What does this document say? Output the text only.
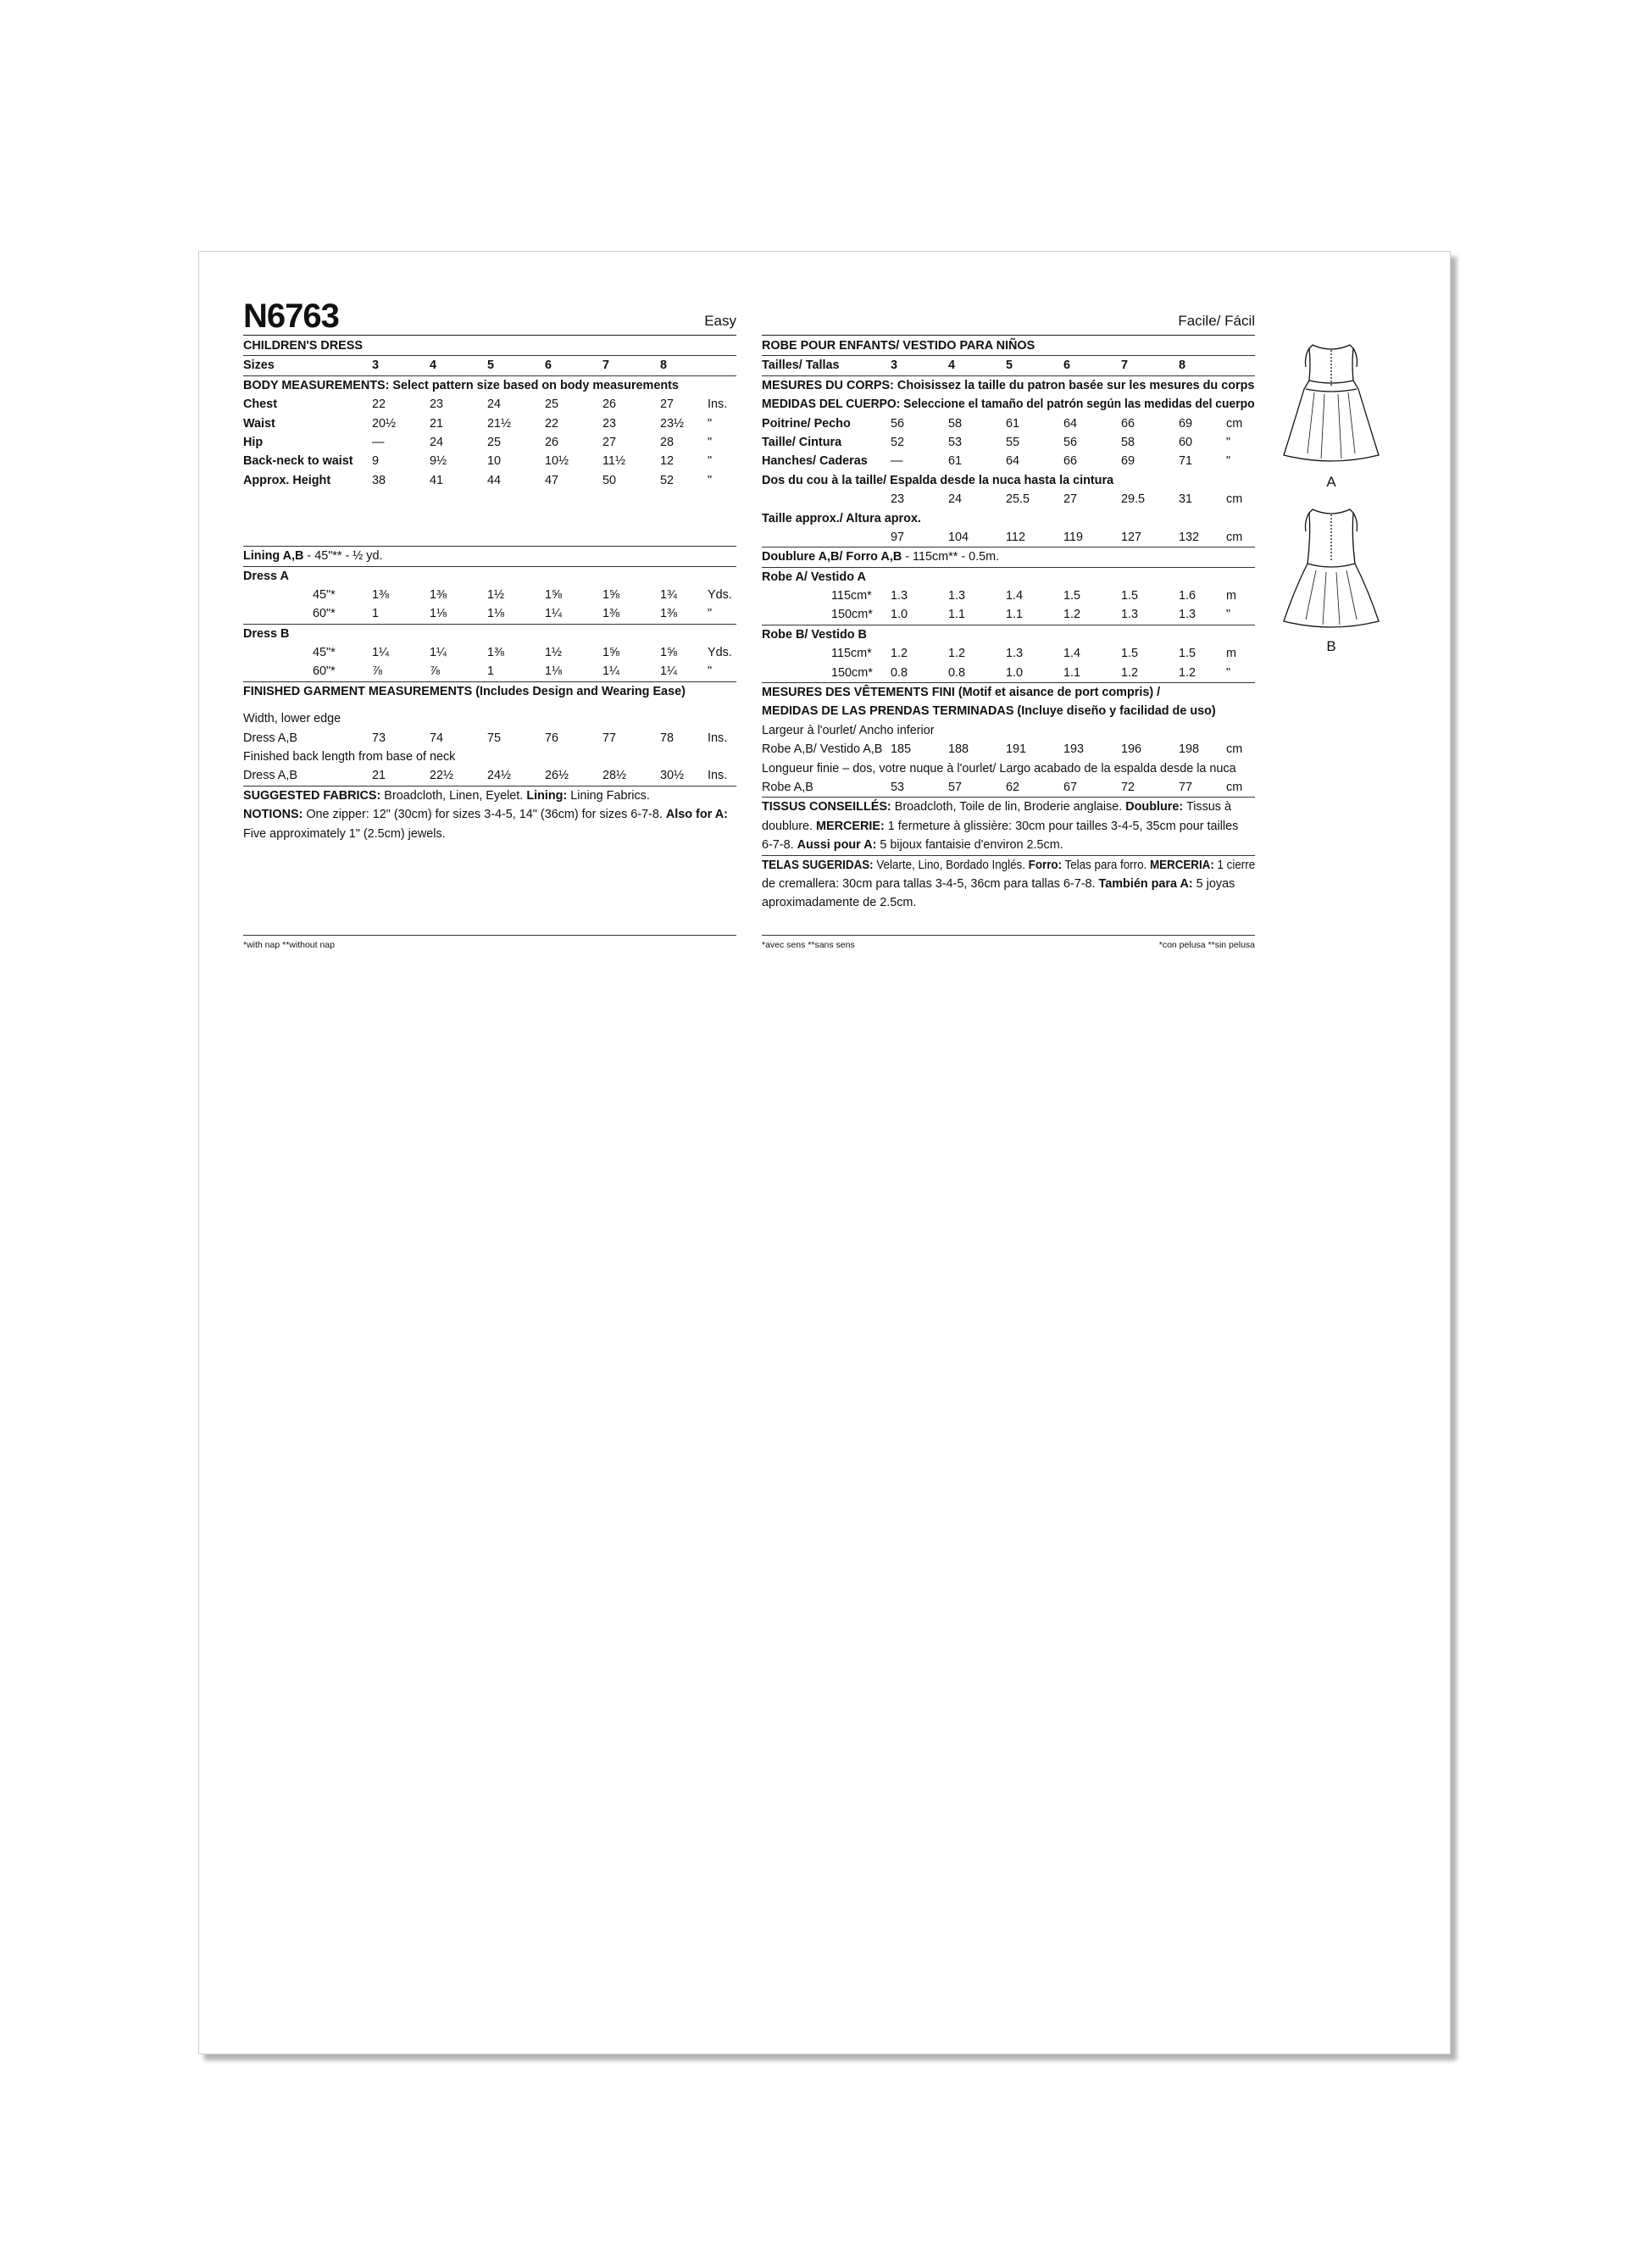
N6763	Easy
CHILDREN'S DRESS
Sizes	3	4	5	6	7	8
BODY MEASUREMENTS: Select pattern size based on body measurements
Chest	22	23	24	25	26	27	Ins.
Waist	20½	21	21½	22	23	23½ "
Hip	—	24	25	26	27	28	"
Back-neck to waist 9	9½	10	10½	11½	12	"
Approx. Height	38	41	44	47	50	52	"
Lining A,B - 45"** - ½ yd.
Dress A
45"*	1⅜	1⅜	1½	1⅝	1⅝	1¾ Yds.
60"*	1	1⅛	1⅛	1¼	1⅜	1⅜ "
Dress B
45"*	1¼	1¼	1⅜	1½	1⅝	1⅝ Yds.
60"*	⅞	⅞	1	1⅛	1¼	1¼ "
FINISHED GARMENT MEASUREMENTS (Includes Design and Wearing Ease)
Width, lower edge
Dress A,B	73	74	75	76	77	78	Ins.
Finished back length from base of neck
Dress A,B	21	22½	24½	26½	28½	30½ Ins.
SUGGESTED FABRICS: Broadcloth, Linen, Eyelet. Lining: Lining Fabrics.
NOTIONS: One zipper: 12" (30cm) for sizes 3-4-5, 14" (36cm) for sizes 6-7-8. Also for A:
Five approximately 1" (2.5cm) jewels.
*with nap **without nap
Facile/ Fácil
ROBE POUR ENFANTS/ VESTIDO PARA NIÑOS
Tailles/ Tallas	3	4	5	6	7	8
MESURES DU CORPS: Choisissez la taille du patron basée sur les mesures du corps
MEDIDAS DEL CUERPO: Seleccione el tamaño del patrón según las medidas del cuerpo
Poitrine/ Pecho	56	58	61	64	66	69	cm
Taille/ Cintura	52	53	55	56	58	60	"
Hanches/ Caderas —	61	64	66	69	71	"
Dos du cou à la taille/ Espalda desde la nuca hasta la cintura
23	24	25.5	27	29.5	31	cm
Taille approx./ Altura aprox.
97	104	112	119	127	132 cm
Doublure A,B/ Forro A,B - 115cm** - 0.5m.
Robe A/ Vestido A
115cm* 1.3	1.3	1.4	1.5	1.5	1.6 m
150cm* 1.0	1.1	1.1	1.2	1.3	1.3 "
Robe B/ Vestido B
115cm* 1.2	1.2	1.3	1.4	1.5	1.5 m
150cm* 0.8	0.8	1.0	1.1	1.2	1.2 "
MESURES DES VÊTEMENTS FINI (Motif et aisance de port compris) /
MEDIDAS DE LAS PRENDAS TERMINADAS (Incluye diseño y facilidad de uso)
Largeur à l'ourlet/ Ancho inferior
Robe A,B/ Vestido A,B 185	188	191	193	196	198 cm
Longueur finie – dos, votre nuque à l'ourlet/ Largo acabado de la espalda desde la nuca
Robe A,B	53	57	62	67	72	77	cm
TISSUS CONSEILLÉS: Broadcloth, Toile de lin, Broderie anglaise. Doublure: Tissus à
doublure. MERCERIE: 1 fermeture à glissière: 30cm pour tailles 3-4-5, 35cm pour tailles
6-7-8. Aussi pour A: 5 bijoux fantaisie d'environ 2.5cm.
TELAS SUGERIDAS: Velarte, Lino, Bordado Inglés. Forro: Telas para forro. MERCERIA: 1 cierre
de cremallera: 30cm para tallas 3-4-5, 36cm para tallas 6-7-8. También para A: 5 joyas
aproximadamente de 2.5cm.
*avec sens **sans sens	*con pelusa **sin pelusa
A
B
